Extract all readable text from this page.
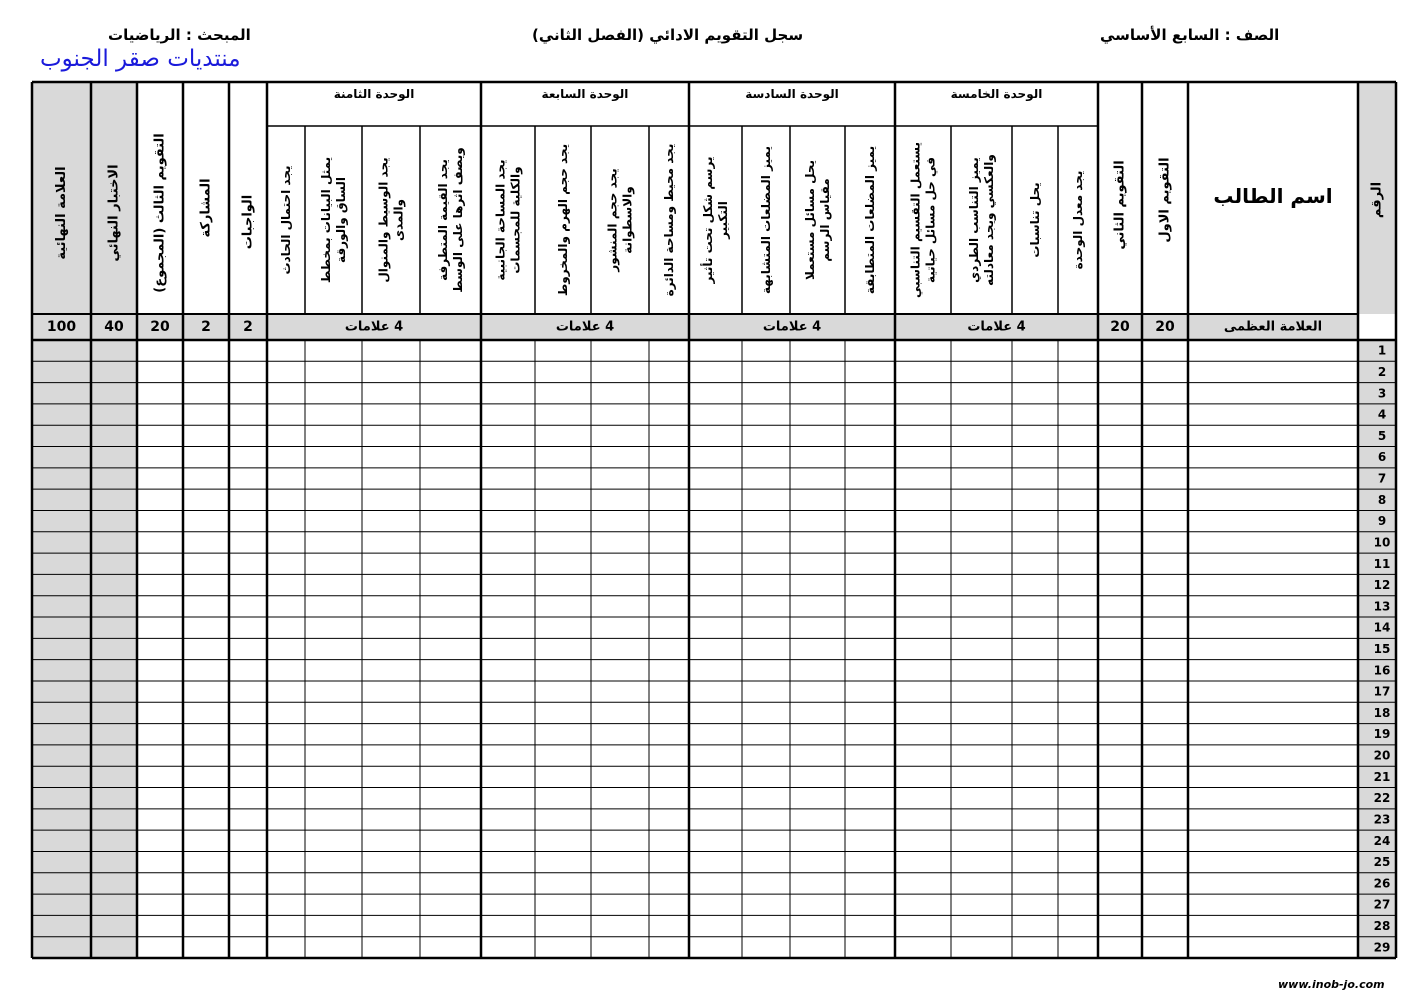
الصف : السابع الأساسي
سجل التقويم الادائي (الفصل الثاني)
المبحث : الرياضيات
منتديات صقر الجنوب
www.inob-jo.com
الرقم
اسم الطالب
التقويم الاول
التقويم الثاني
الواجبات
المشاركة
التقويم الثالث (المجموع)
الاختبار النهائي
العلامة النهائية
الوحدة الخامسة
4 علامات
يجد معدل الوحدة
يحل تناسبات
يميز التناسب الطردي والعكسي ويجد معادلته
يستعمل التقسيم التناسبي في حل مسائل حياتية
الوحدة السادسة
4 علامات
يميز المضلعات المتطابقة
يحل مسائل مستعملا مقياس الرسم
يميز المضلعات المتشابهة
يرسم شكل تحت تأثير التكبير
الوحدة السابعة
4 علامات
يجد محيط ومساحة الدائرة
يجد حجم المنشور والاسطوانة
يجد حجم الهرم والمخروط
يجد المساحة الجانبية والكلية للمجسمات
الوحدة الثامنة
4 علامات
يجد القيمة المتطرفة ويصف اثرها على الوسط
يجد الوسيط والمنوال والمدى
يمثل البيانات بمخطط الساق والورقة
يجد احتمال الحادث
العلامة العظمى
20
20
2
2
20
40
100
1
2
3
4
5
6
7
8
9
10
11
12
13
14
15
16
17
18
19
20
21
22
23
24
25
26
27
28
29
